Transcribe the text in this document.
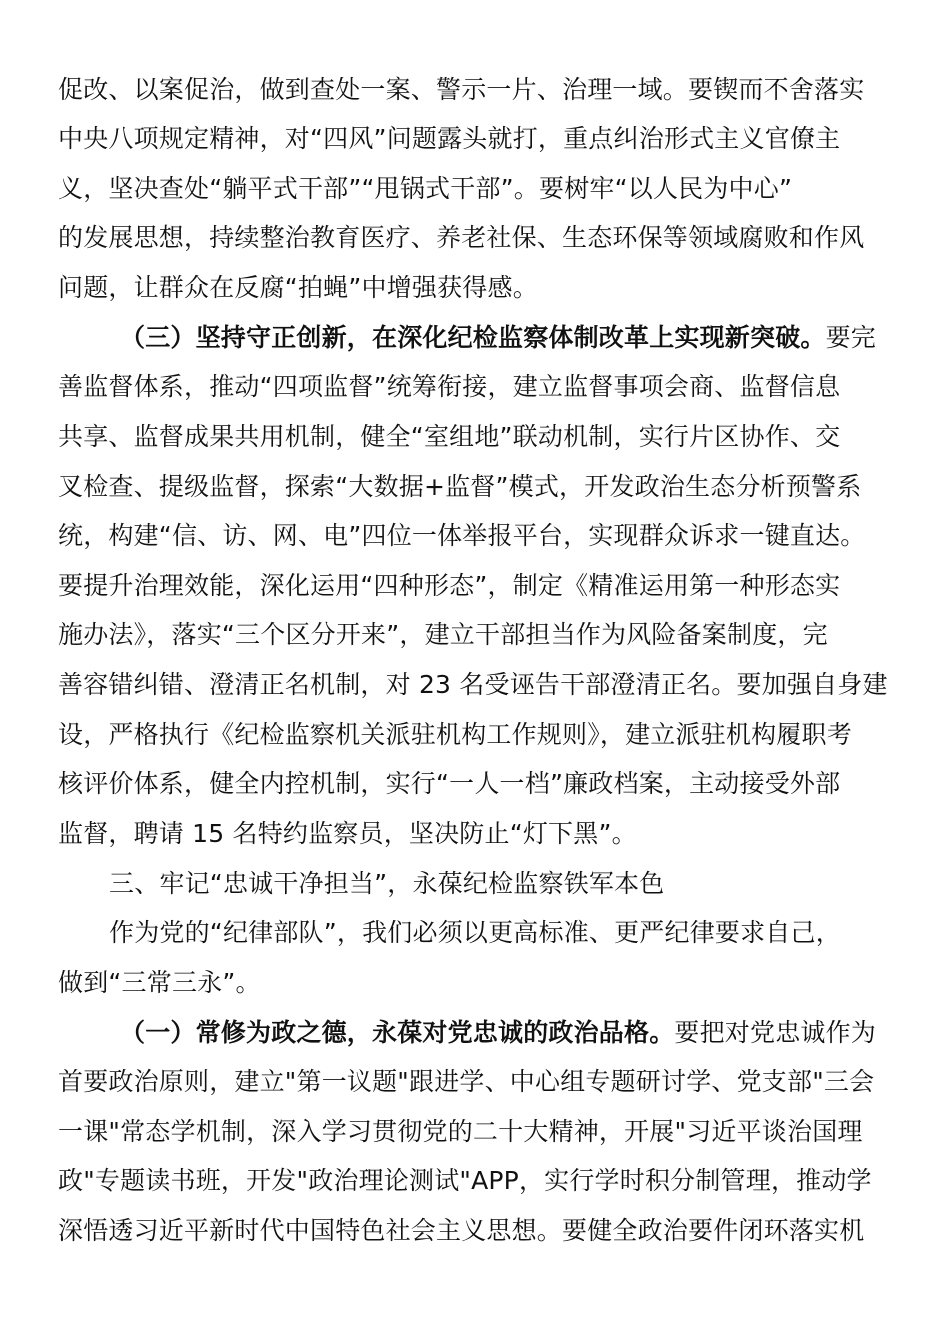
促改、以案促治，做到查处一案、警示一片、治理一域。要锲而不舍落实
中央八项规定精神，对“四风”问题露头就打，重点纠治形式主义官僚主
义，坚决查处“躺平式干部”“甩锅式干部”。要树牢“以人民为中心”
的发展思想，持续整治教育医疗、养老社保、生态环保等领域腐败和作风
问题，让群众在反腐“拍蝇”中增强获得感。
（三）坚持守正创新，在深化纪检监察体制改革上实现新突破。要完
善监督体系，推动“四项监督”统筹衔接，建立监督事项会商、监督信息
共享、监督成果共用机制，健全“室组地”联动机制，实行片区协作、交
叉检查、提级监督，探索“大数据+监督”模式，开发政治生态分析预警系
统，构建“信、访、网、电”四位一体举报平台，实现群众诉求一键直达。
要提升治理效能，深化运用“四种形态”，制定《精准运用第一种形态实
施办法》，落实“三个区分开来”，建立干部担当作为风险备案制度，完
善容错纠错、澄清正名机制，对 23 名受诬告干部澄清正名。要加强自身建
设，严格执行《纪检监察机关派驻机构工作规则》，建立派驻机构履职考
核评价体系，健全内控机制，实行“一人一档”廉政档案，主动接受外部
监督，聘请 15 名特约监察员，坚决防止“灯下黑”。
三、牢记“忠诚干净担当”，永葆纪检监察铁军本色
作为党的“纪律部队”，我们必须以更高标准、更严纪律要求自己，
做到“三常三永”。
（一）常修为政之德，永葆对党忠诚的政治品格。要把对党忠诚作为
首要政治原则，建立"第一议题"跟进学、中心组专题研讨学、党支部"三会
一课"常态学机制，深入学习贯彻党的二十大精神，开展"习近平谈治国理
政"专题读书班，开发"政治理论测试"APP，实行学时积分制管理，推动学
深悟透习近平新时代中国特色社会主义思想。要健全政治要件闭环落实机
